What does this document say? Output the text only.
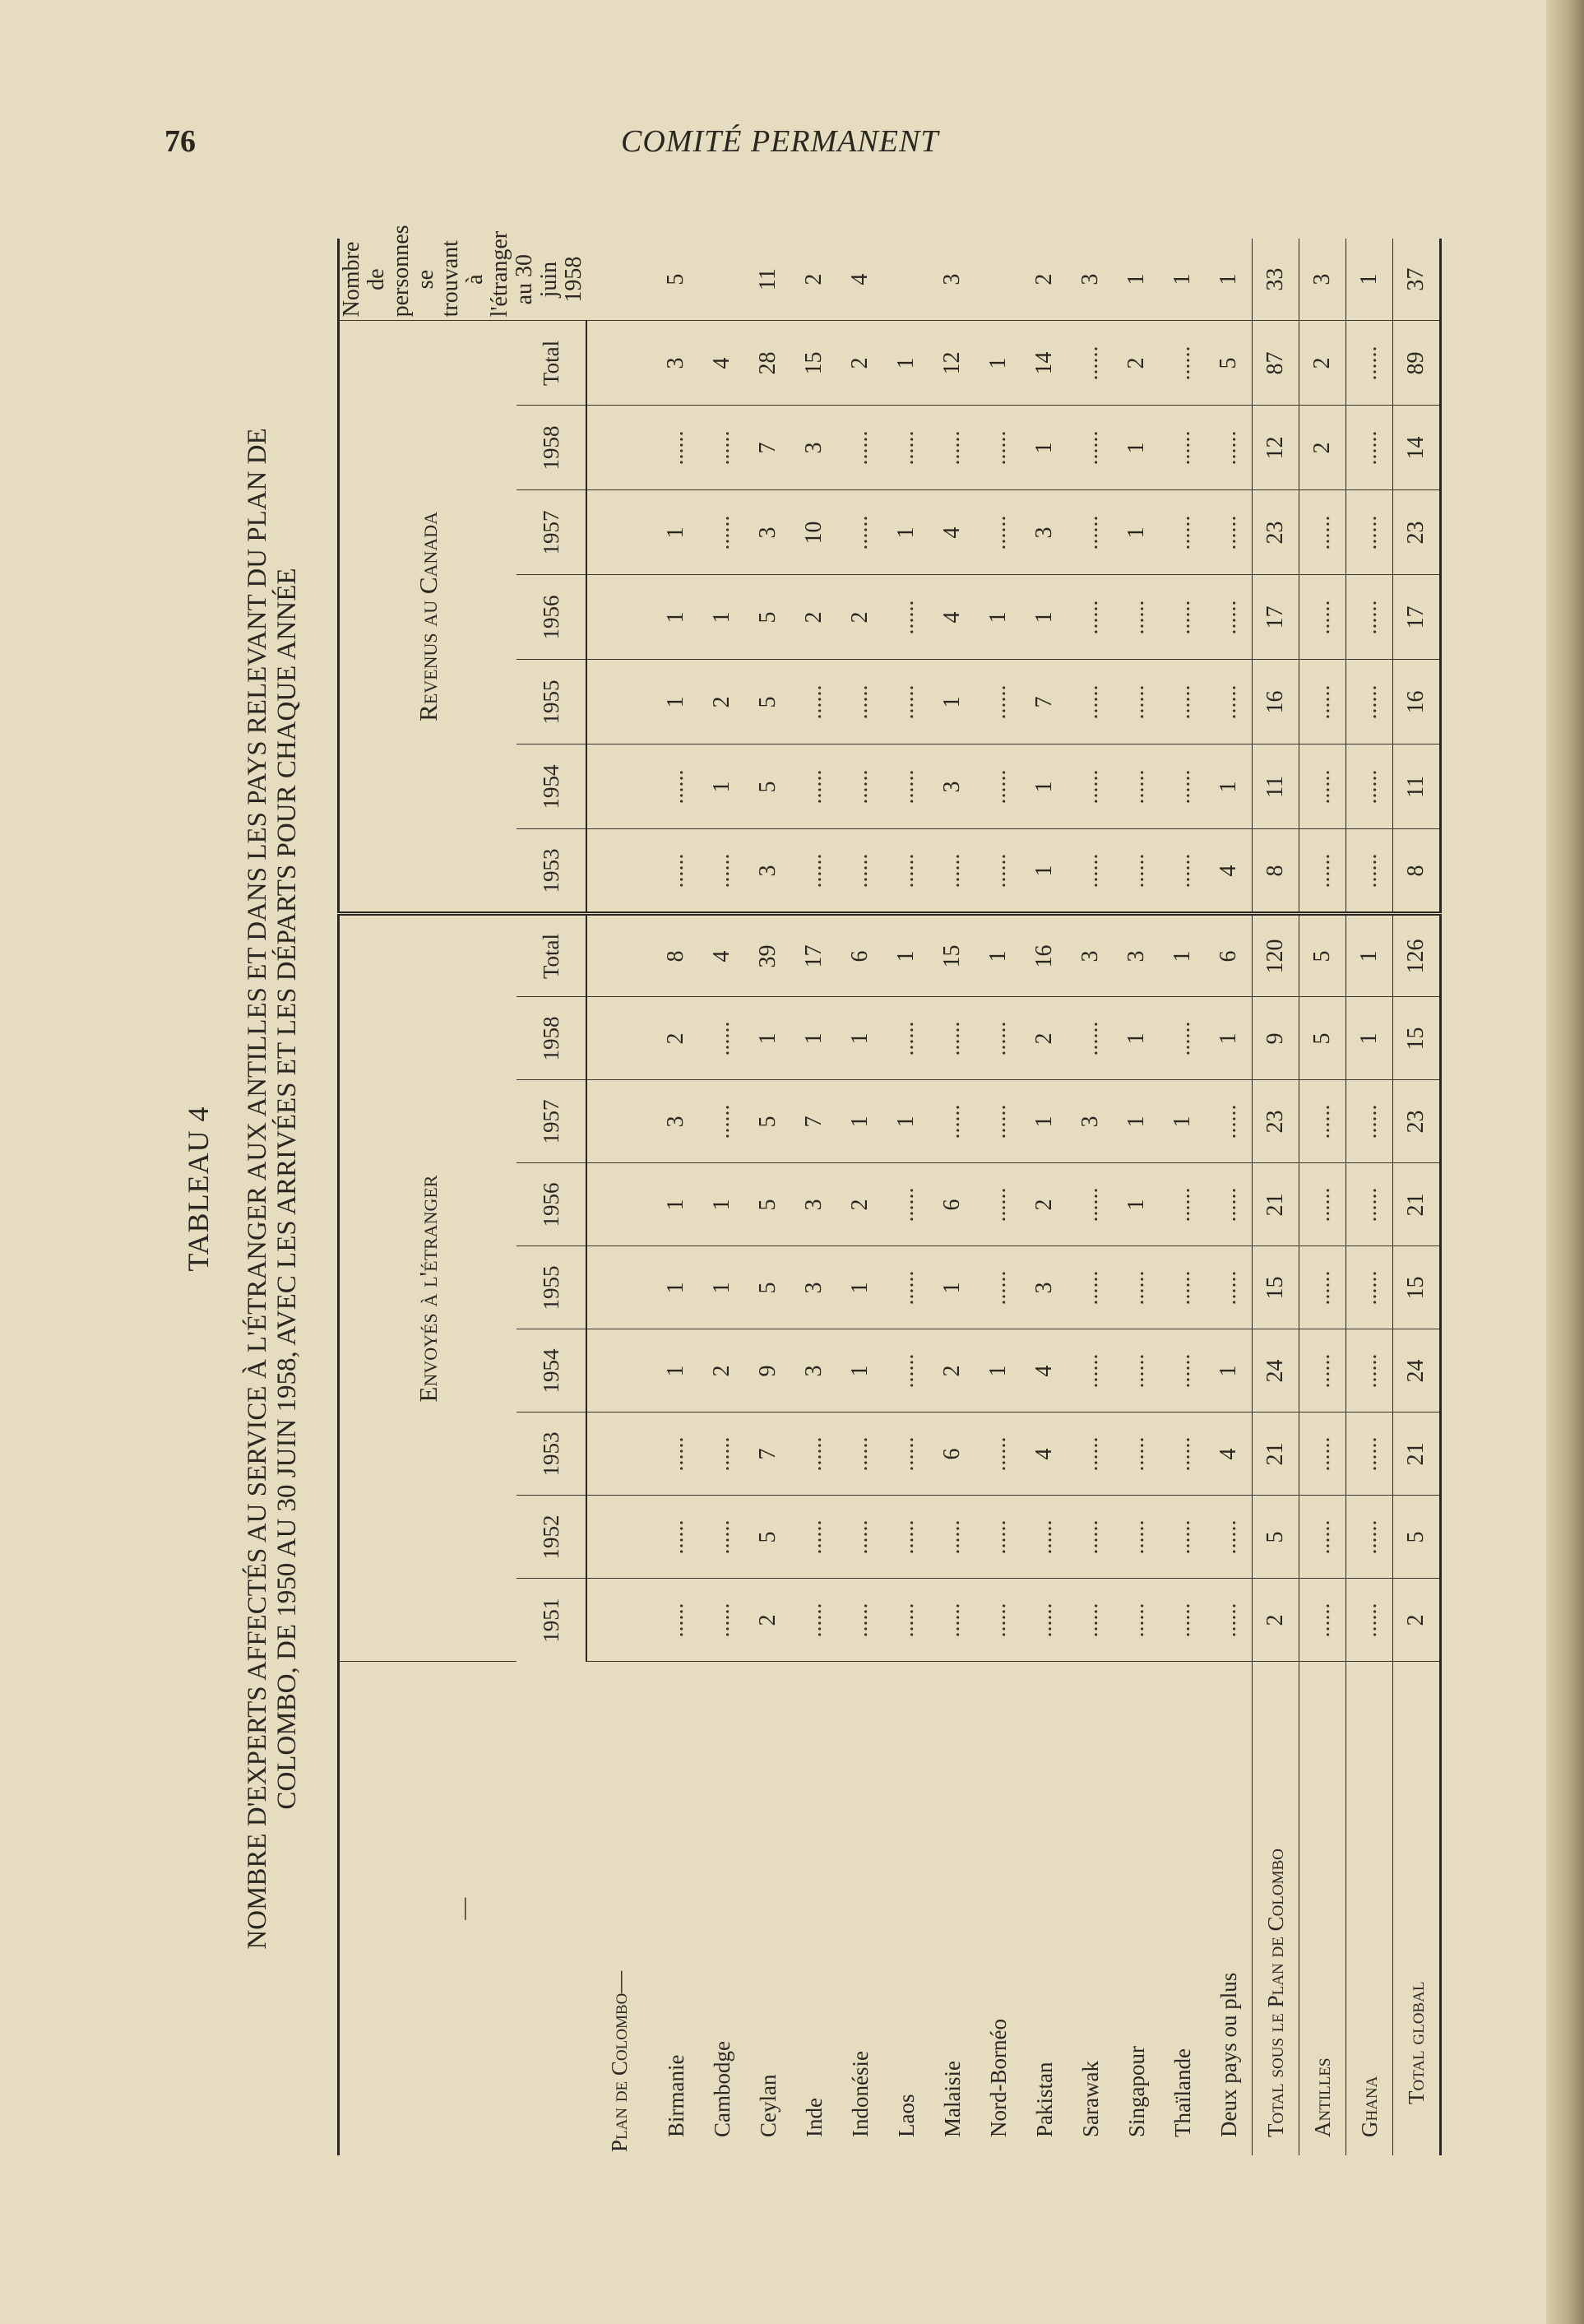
76	COMITÉ PERMANENT
TABLEAU 4 NOMBRE D'EXPERTS AFFECTÉS AU SERVICE À L'ÉTRANGER AUX ANTILLES ET DANS LES PAYS RELEVANT DU PLAN DE COLOMBO, DE 1950 AU 30 JUIN 1958, AVEC LES ARRIVÉES ET LES DÉPARTS POUR CHAQUE ANNÉE
—	Envoyés à l'étranger									Revenus au Canada							Nombre de personnes se trouvant à l'étranger au 30 juin 1958
	1951	1952	1953	1954	1955	1956	1957	1958	Total	1953	1954	1955	1956	1957	1958	Total	
Plan de Colombo—																	
Birmanie	......	......	......	1	1	1	3	2	8	......	......	1	1	1	......	3	5
Cambodge	......	......	......	2	1	1	......	......	4	......	1	2	1	......	......	4	
Ceylan	2	5	7	9	5	5	5	1	39	3	5	5	5	3	7	28	11
Inde	......	......	......	3	3	3	7	1	17	......	......	......	2	10	3	15	2
Indonésie	......	......	......	1	1	2	1	1	6	......	......	......	2	......	......	2	4
Laos	......	......	......	......	......	......	1	......	1	......	......	......	......	1	......	1	
Malaisie	......	......	6	2	1	6	......	......	15	......	3	1	4	4	......	12	3
Nord-Bornéo	......	......	......	1	......	......	......	......	1	......	......	......	1	......	......	1	
Pakistan	......	......	4	4	3	2	1	2	16	1	1	7	1	3	1	14	2
Sarawak	......	......	......	......	......	......	3	......	3	......	......	......	......	......	......	......	3
Singapour	......	......	......	......	......	1	1	1	3	......	......	......	......	1	1	2	1
Thaïlande	......	......	......	......	......	......	1	......	1	......	......	......	......	......	......	......	1
Deux pays ou plus	......	......	4	1	......	......	......	1	6	4	1	......	......	......	......	5	1
Total sous le Plan de Colombo	2	5	21	24	15	21	23	9	120	8	11	16	17	23	12	87	33
Antilles	......	......	......	......	......	......	......	5	5	......	......	......	......	......	2	2	3
Ghana	......	......	......	......	......	......	......	1	1	......	......	......	......	......	......	......	1
Total global	2	5	21	24	15	21	23	15	126	8	11	16	17	23	14	89	37
